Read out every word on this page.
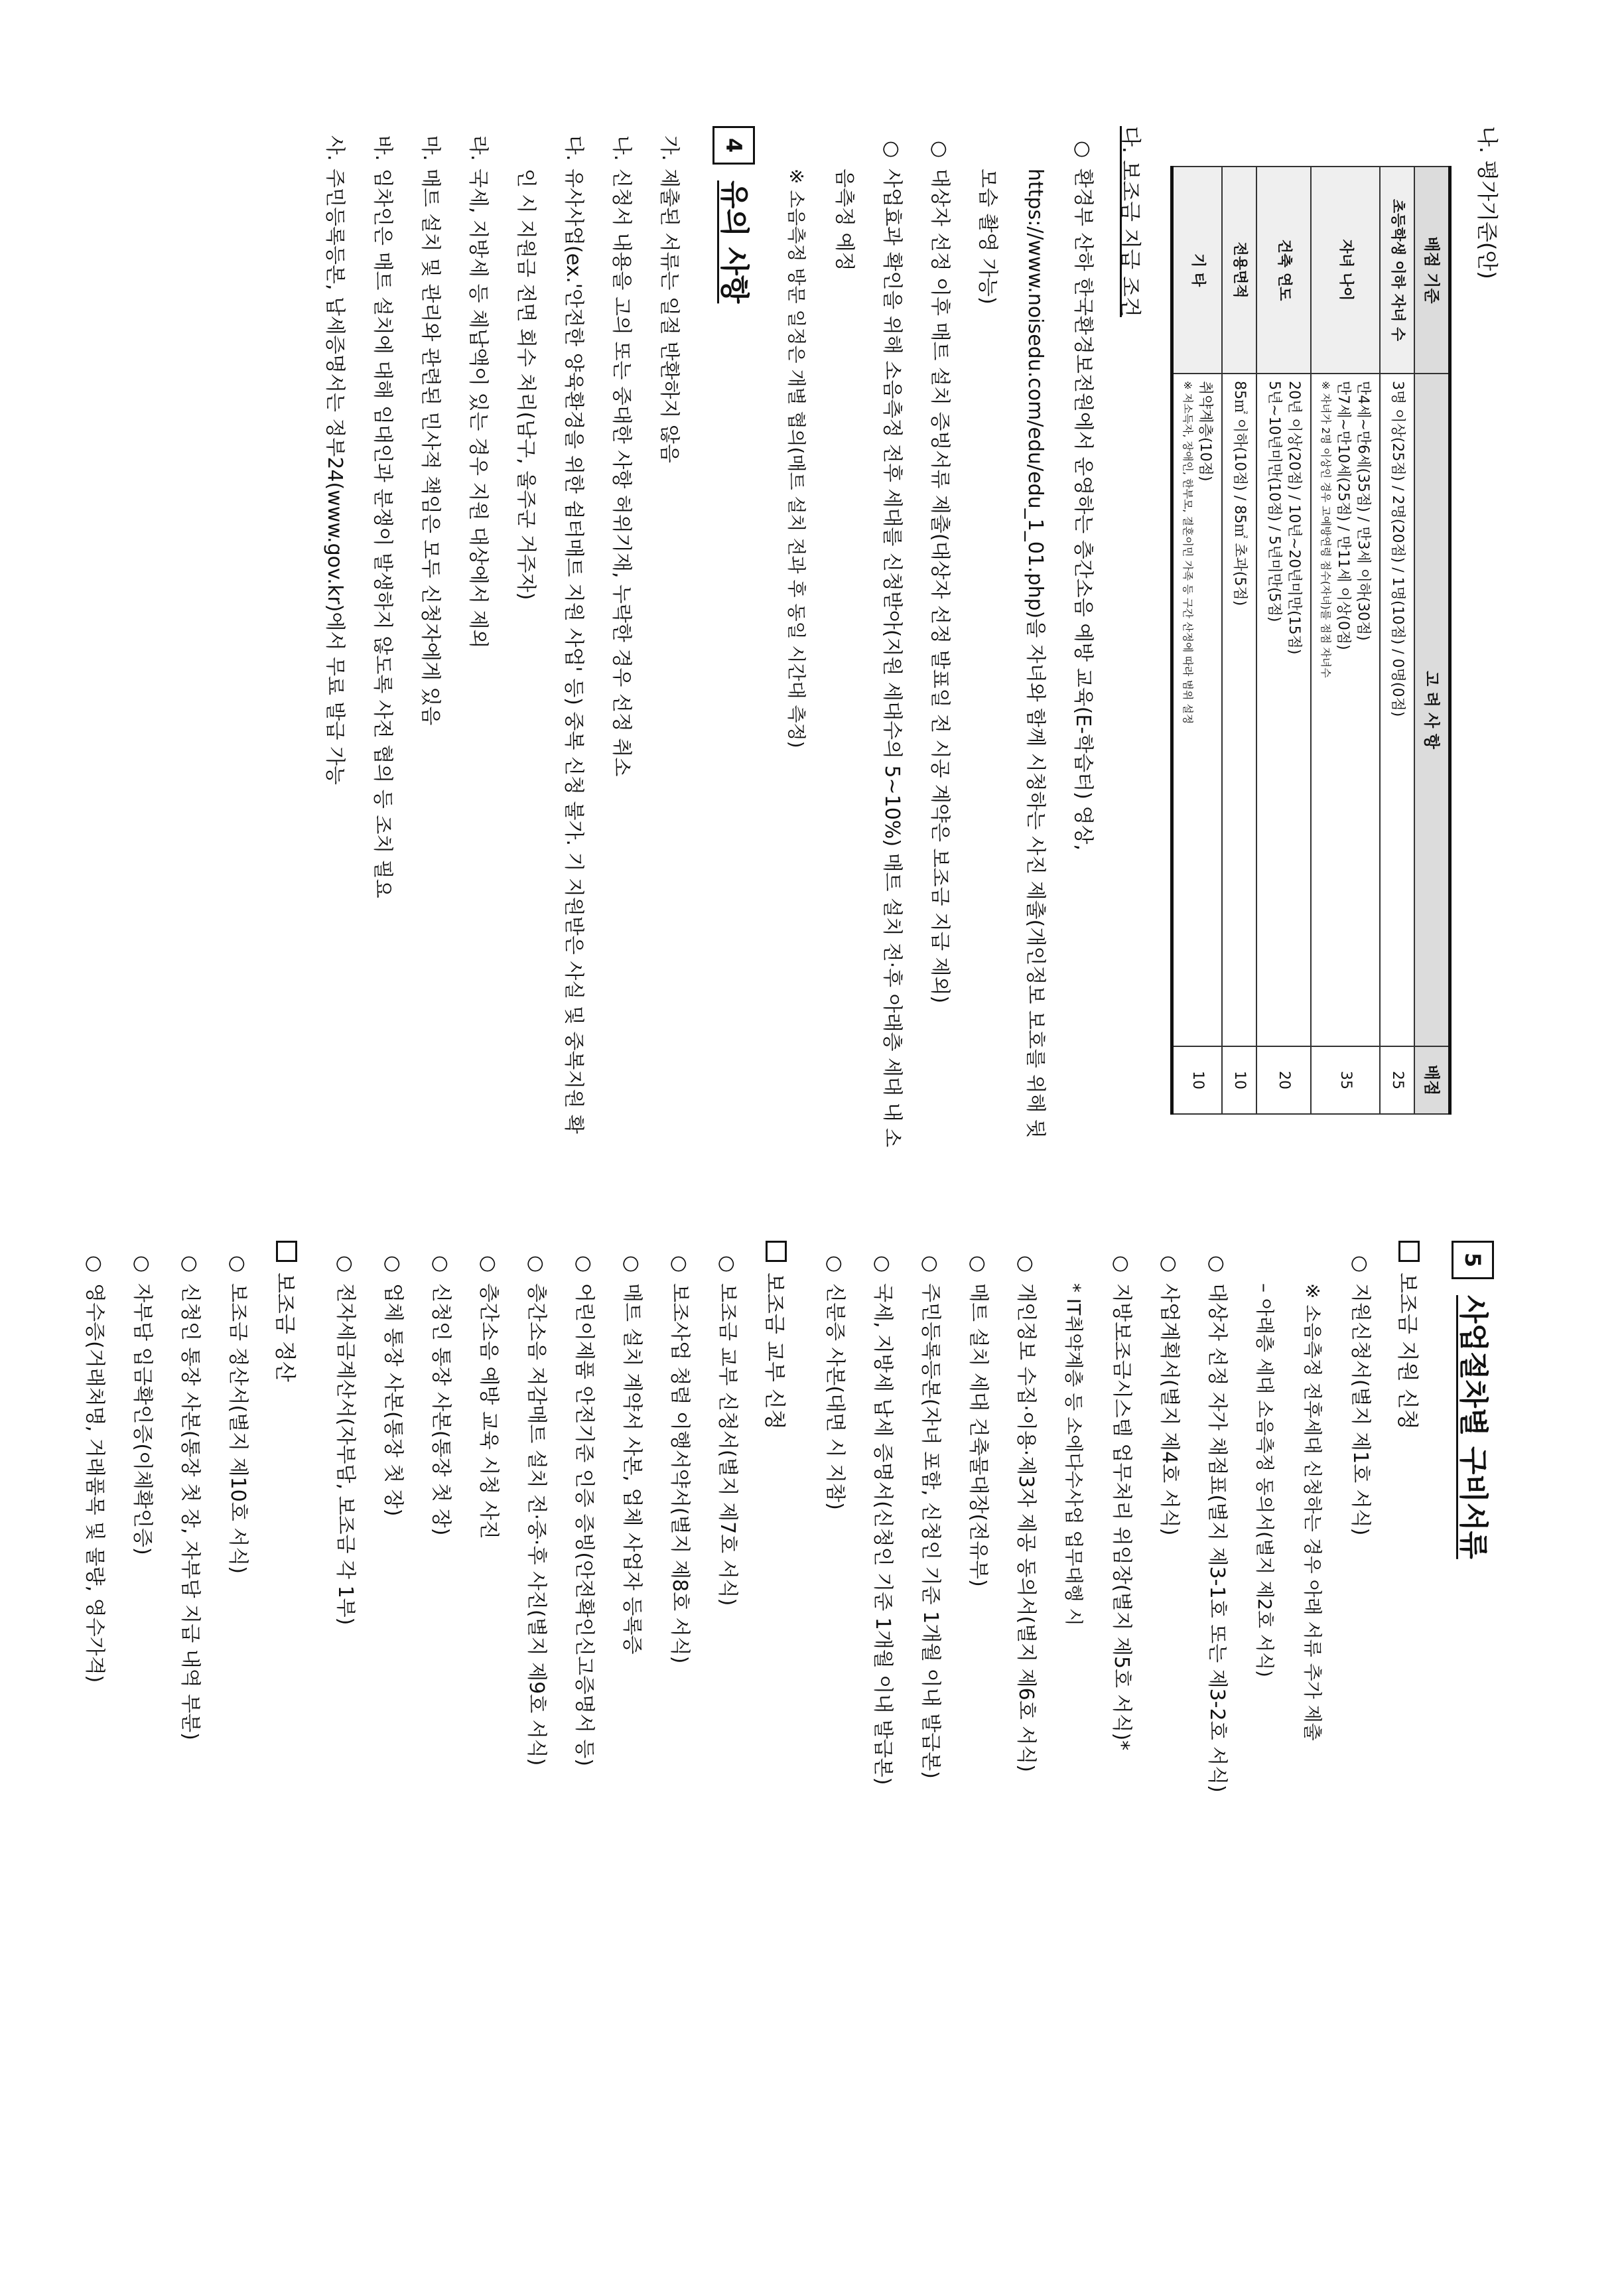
나. 평가기준(안)

배점 기준	고 려 사 항	배점
초등학생 이하 자녀 수	3명 이상(25점) / 2명(20점) / 1명(10점) / 0명(0점)	25
자녀 나이	만4세~만6세(35점) / 만3세 이하(30점)
만7세~만10세(25점) / 만11세 이상(0점)
※ 자녀가 2명 이상인 경우 고예방연령 점수(자녀)를 점점 자녀수	35
건축 연도	20년 이상(20점) / 10년~20년미만(15점)
5년~10년미만(10점) / 5년미만(5점)	20
전용면적	85㎡ 이하(10점) / 85㎡ 초과(5점)	10
기 타	취약계층(10점)
※ 저소득자, 장애인, 한부모, 결혼이민 가족 등 구간 산정에 따라 범위 설정	10

다. 보조금 지급 조건

○환경부 산하 한국환경보전원에서 운영하는 층간소음 예방 교육(E-학습터) 영상, https://www.noisedu.com/edu/edu_1_01.php)을 자녀와 함께 시청하는 사진 제출(개인정보 보호를 위해 뒷모습 촬영 가능)

○대상자 선정 이후 매트 설치 증빙서류 제출(대상자 선정 발표일 전 시공 계약은 보조금 지급 제외)

○사업효과 확인을 위해 소음측정 전후 세대를 신청받아(지원 세대수의 5~10%) 매트 설치 전·후 아래층 세대 내 소음측정 예정

※ 소음측정 방문 일정은 개별 협의(매트 설치 전과 후 동일 시간대 측정)

4
유의 사항

가.제출된 서류는 일절 반환하지 않음

나.신청서 내용을 고의 또는 중대한 사항 허위기재, 누락한 경우 선정 취소

다.유사사업(ex.'안전한 양육환경을 위한 쉼터매트 지원 사업' 등) 중복 신청 불가. 기 지원받은 사실 및 중복지원 확인 시 지원금 전면 회수 처리(남구, 울주군 거주자)

라.국세, 지방세 등 체납액이 있는 경우 지원 대상에서 제외

마.매트 설치 및 관리와 관련된 민사적 책임은 모두 신청자에게 있음

바.임차인은 매트 설치에 대해 임대인과 분쟁이 발생하지 않도록 사전 협의 등 조치 필요

사.주민등록등본, 납세증명서는 정부24(www.gov.kr)에서 무료 발급 가능

5
사업절차별 구비서류

보조금 지원 신청

○지원신청서(별지 제1호 서식)

※ 소음측정 전후세대 신청하는 경우 아래 서류 추가 제출

– 아래층 세대 소음측정 동의서(별지 제2호 서식)

○대상자 선정 자가 채점표(별지 제3-1호 또는 제3-2호 서식)

○사업계획서(별지 제4호 서식)

○지방보조금시스템 업무처리 위임장(별지 제5호 서식)*

* IT취약계층 등 소에다수사업 업무대행 시

○개인정보 수집·이용·제3자 제공 동의서(별지 제6호 서식)

○매트 설치 세대 건축물대장(전유부)

○주민등록등본(자녀 포함, 신청인 기준 1개월 이내 발급본)

○국세, 지방세 납세 증명서(신청인 기준 1개월 이내 발급본)

○신분증 사본(대면 시 지참)

보조금 교부 신청

○보조금 교부 신청서(별지 제7호 서식)

○보조사업 청렴 이행서약서(별지 제8호 서식)

○매트 설치 계약서 사본, 업체 사업자 등록증

○어린이제품 안전기준 인증 증빙(안전확인신고증명서 등)

○층간소음 저감매트 설치 전·중·후 사진(별지 제9호 서식)

○층간소음 예방 교육 시청 사진

○신청인 통장 사본(통장 첫 장)

○업체 통장 사본(통장 첫 장)

○전자세금계산서(자부담, 보조금 각 1부)

보조금 정산

○보조금 정산서(별지 제10호 서식)

○신청인 통장 사본(통장 첫 장, 자부담 지급 내역 부분)

○자부담 입금확인증(이체확인증)

○영수증(거래처명, 거래품목 및 물량, 영수가격)
